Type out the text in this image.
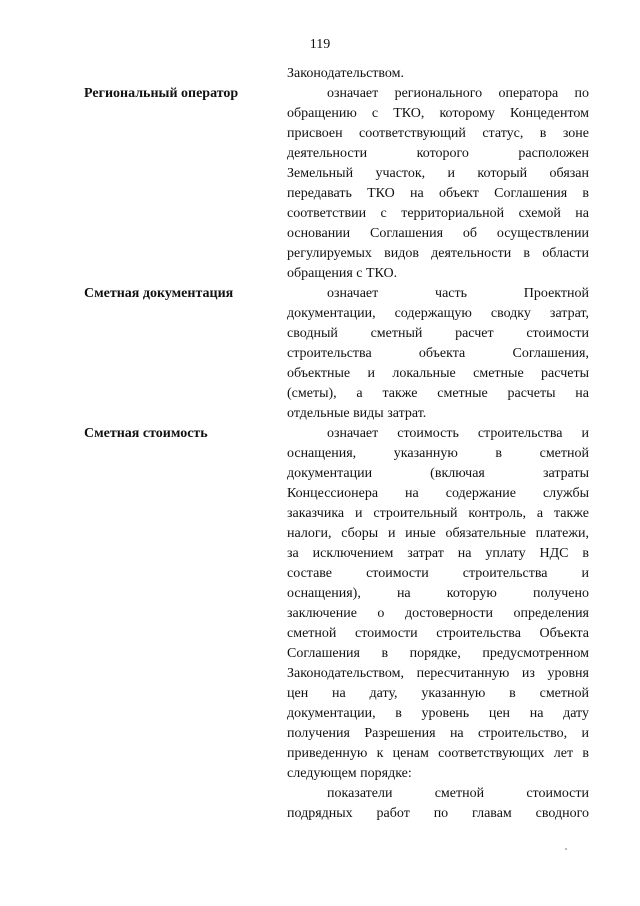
119
Законодательством.
Региональный оператор	означает регионального оператора по
обращению с ТКО, которому Концедентом
присвоен соответствующий статус, в зоне
деятельности которого расположен
Земельный участок, и который обязан
передавать ТКО на объект Соглашения в
соответствии с территориальной схемой на
основании Соглашения об осуществлении
регулируемых видов деятельности в области
обращения с ТКО.
Сметная документация	означает часть Проектной
документации, содержащую сводку затрат,
сводный сметный расчет стоимости
строительства объекта Соглашения,
объектные и локальные сметные расчеты
(сметы), а также сметные расчеты на
отдельные виды затрат.
Сметная стоимость	означает стоимость строительства и
оснащения, указанную в сметной
документации (включая затраты
Концессионера на содержание службы
заказчика и строительный контроль, а также
налоги, сборы и иные обязательные платежи,
за исключением затрат на уплату НДС в
составе стоимости строительства и
оснащения), на которую получено
заключение о достоверности определения
сметной стоимости строительства Объекта
Соглашения в порядке, предусмотренном
Законодательством, пересчитанную из уровня
цен на дату, указанную в сметной
документации, в уровень цен на дату
получения Разрешения на строительство, и
приведенную к ценам соответствующих лет в
следующем порядке:
показатели сметной стоимости
подрядных работ по главам сводного
